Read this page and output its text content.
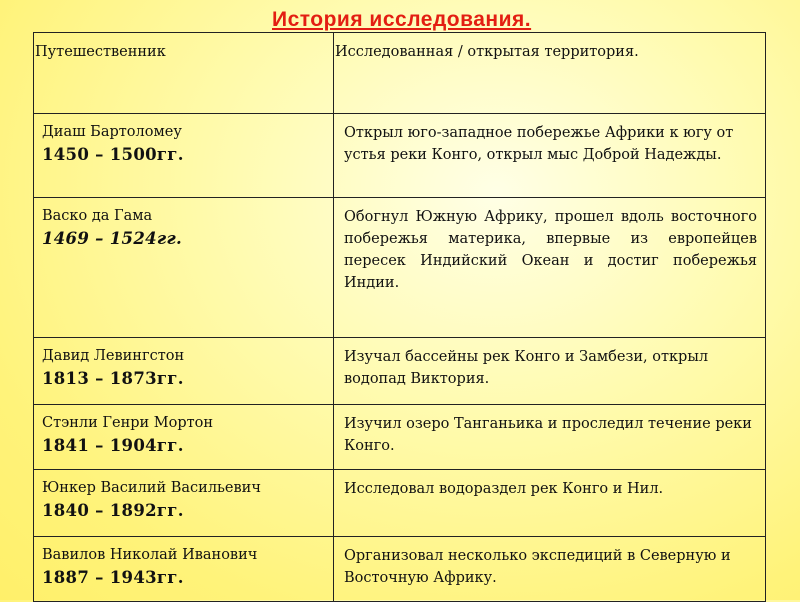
История исследования.
Путешественник	Исследованная / открытая территория.

Диаш Бартоломеу
1450 – 1500гг.	Открыл юго-западное побережье Африки к югу от устья реки Конго, открыл мыс Доброй Надежды.

Васко да Гама
1469 – 1524гг.	Обогнул Южную Африку, прошел вдоль восточного побережья материка, впервые из европейцев пересек Индийский Океан и достиг побережья Индии.

Давид Левингстон
1813 – 1873гг.	Изучал бассейны рек Конго и Замбези, открыл водопад Виктория.

Стэнли Генри Мортон
1841 – 1904гг.	Изучил озеро Танганьика и проследил течение реки Конго.

Юнкер Василий Васильевич
1840 – 1892гг.	Исследовал водораздел рек Конго и Нил.

Вавилов Николай Иванович
1887 – 1943гг.	Организовал несколько экспедиций в Северную и Восточную Африку.
